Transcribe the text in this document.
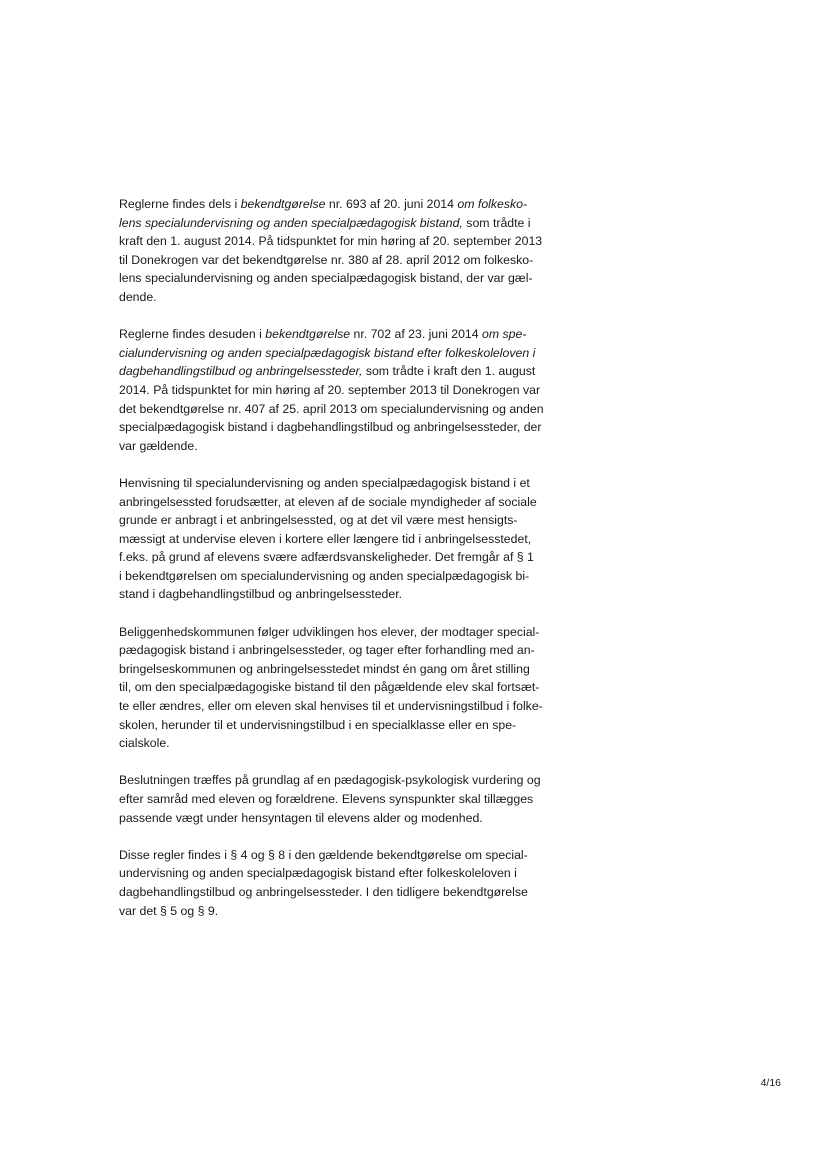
Reglerne findes dels i bekendtgørelse nr. 693 af 20. juni 2014 om folkesko-
lens specialundervisning og anden specialpædagogisk bistand, som trådte i
kraft den 1. august 2014. På tidspunktet for min høring af 20. september 2013
til Donekrogen var det bekendtgørelse nr. 380 af 28. april 2012 om folkesko-
lens specialundervisning og anden specialpædagogisk bistand, der var gæl-
dende.
Reglerne findes desuden i bekendtgørelse nr. 702 af 23. juni 2014 om spe-
cialundervisning og anden specialpædagogisk bistand efter folkeskoleloven i
dagbehandlingstilbud og anbringelsessteder, som trådte i kraft den 1. august
2014. På tidspunktet for min høring af 20. september 2013 til Donekrogen var
det bekendtgørelse nr. 407 af 25. april 2013 om specialundervisning og anden
specialpædagogisk bistand i dagbehandlingstilbud og anbringelsessteder, der
var gældende.
Henvisning til specialundervisning og anden specialpædagogisk bistand i et
anbringelsessted forudsætter, at eleven af de sociale myndigheder af sociale
grunde er anbragt i et anbringelsessted, og at det vil være mest hensigts-
mæssigt at undervise eleven i kortere eller længere tid i anbringelsesstedet,
f.eks. på grund af elevens svære adfærdsvanskeligheder. Det fremgår af § 1
i bekendtgørelsen om specialundervisning og anden specialpædagogisk bi-
stand i dagbehandlingstilbud og anbringelsessteder.
Beliggenhedskommunen følger udviklingen hos elever, der modtager special-
pædagogisk bistand i anbringelsessteder, og tager efter forhandling med an-
bringelseskommunen og anbringelsesstedet mindst én gang om året stilling
til, om den specialpædagogiske bistand til den pågældende elev skal fortsæt-
te eller ændres, eller om eleven skal henvises til et undervisningstilbud i folke-
skolen, herunder til et undervisningstilbud i en specialklasse eller en spe-
cialskole.
Beslutningen træffes på grundlag af en pædagogisk-psykologisk vurdering og
efter samråd med eleven og forældrene. Elevens synspunkter skal tillægges
passende vægt under hensyntagen til elevens alder og modenhed.
Disse regler findes i § 4 og § 8 i den gældende bekendtgørelse om special-
undervisning og anden specialpædagogisk bistand efter folkeskoleloven i
dagbehandlingstilbud og anbringelsessteder. I den tidligere bekendtgørelse
var det § 5 og § 9.
4/16
